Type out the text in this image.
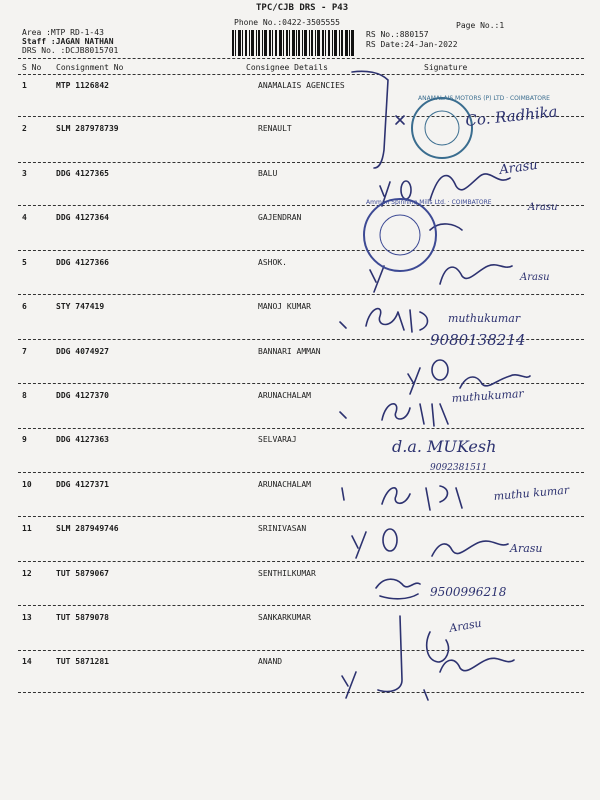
TPC/CJB DRS - P43
Phone No.:0422-3505555	Page No.:1
Area :MTP RD-1-43
Staff :JAGAN NATHAN
DRS No. :DCJB8015701
RS No.:880157
RS Date:24-Jan-2022
S No Consignment No	Consignee Details	Signature
1	MTP 1126842	ANAMALAIS AGENCIES
2	SLM 287978739	RENAULT
3	DDG 4127365	BALU
4	DDG 4127364	GAJENDRAN
5	DDG 4127366	ASHOK.
6	STY 747419	MANOJ KUMAR
7	DDG 4074927	BANNARI AMMAN
8	DDG 4127370	ARUNACHALAM
9	DDG 4127363	SELVARAJ
10	DDG 4127371	ARUNACHALAM
11	SLM 287949746	SRINIVASAN
12	TUT 5879067	SENTHILKUMAR
13	TUT 5879078	SANKARKUMAR
14	TUT 5871281	ANAND
ANAMALAIS MOTORS (P) LTD · COIMBATORE
Amman Spinning Mills Ltd. · COIMBATORE
Co. Radhika
Arasu
Arasu
Arasu
muthukumar
9080138214
muthukumar
d.a. MUKesh
9092381511
muthu kumar
Arasu
9500996218
Arasu
